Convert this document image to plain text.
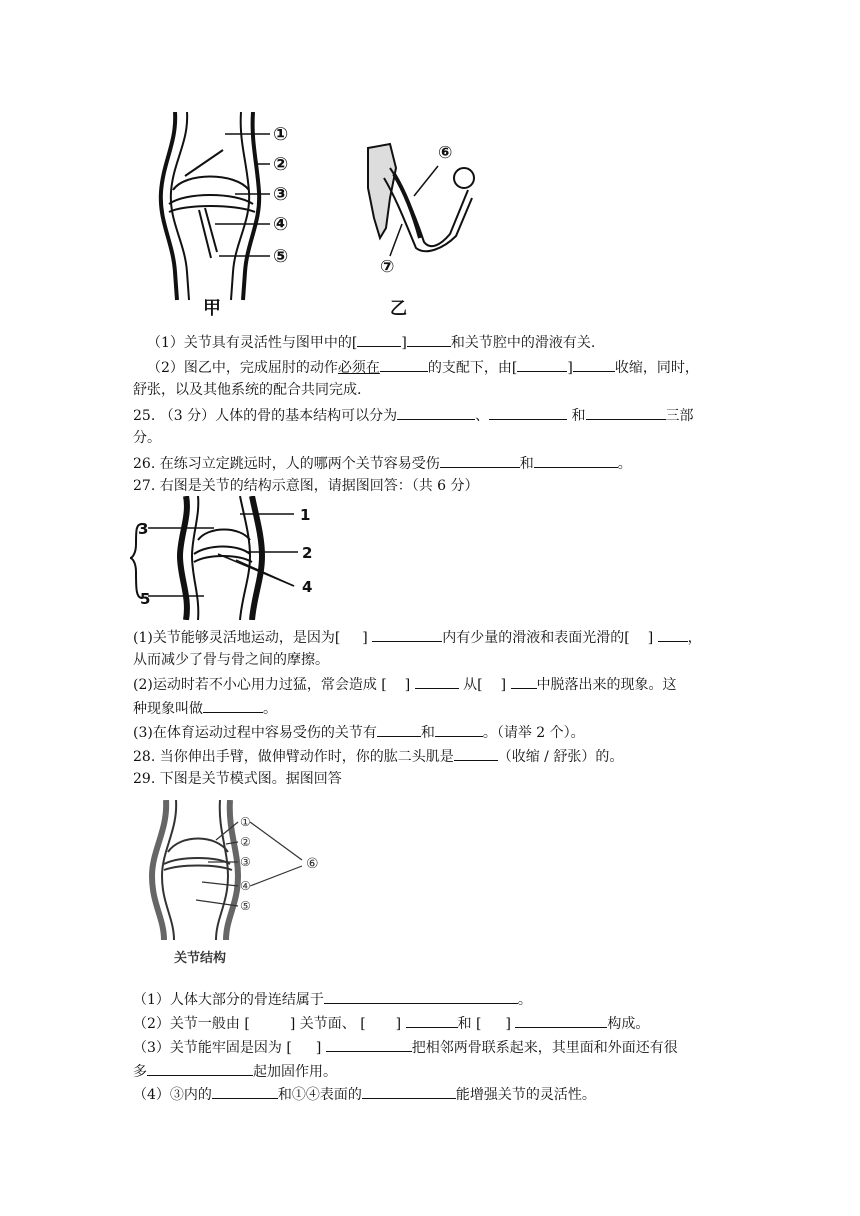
①
②
③
④
⑤
甲
⑥
⑦
乙
（1）关节具有灵活性与图甲中的[	]	和关节腔中的滑液有关.
（2）图乙中，完成屈肘的动作必须在	的支配下，由[	]	收缩，同时，
舒张，以及其他系统的配合共同完成.
25. （3 分）人体的骨的基本结构可以分为	、	和	三部
分。
26. 在练习立定跳远时，人的哪两个关节容易受伤	和	。
27. 右图是关节的结构示意图，请据图回答：（共 6 分）
3
5
1
2
4
(1)关节能够灵活地运动，是因为[ ]	内有少量的滑液和表面光滑的[ ] ，
从而减少了骨与骨之间的摩擦。
(2)运动时若不小心用力过猛，常会造成 [ ]	从[ ] 中脱落出来的现象。这
种现象叫做	。
(3)在体育运动过程中容易受伤的关节有	和	。（请举 2 个）。
28. 当你伸出手臂，做伸臂动作时，你的肱二头肌是	（收缩 / 舒张）的。
29. 下图是关节模式图。据图回答
①
②
③
④
⑤
⑥
关节结构
（1）人体大部分的骨连结属于	。
（2）关节一般由 [	] 关节面、 [ ]	和 [ ]	构成。
（3）关节能牢固是因为 [ ]	把相邻两骨联系起来，其里面和外面还有很
多	起加固作用。
（4）③内的	和①④表面的	能增强关节的灵活性。
